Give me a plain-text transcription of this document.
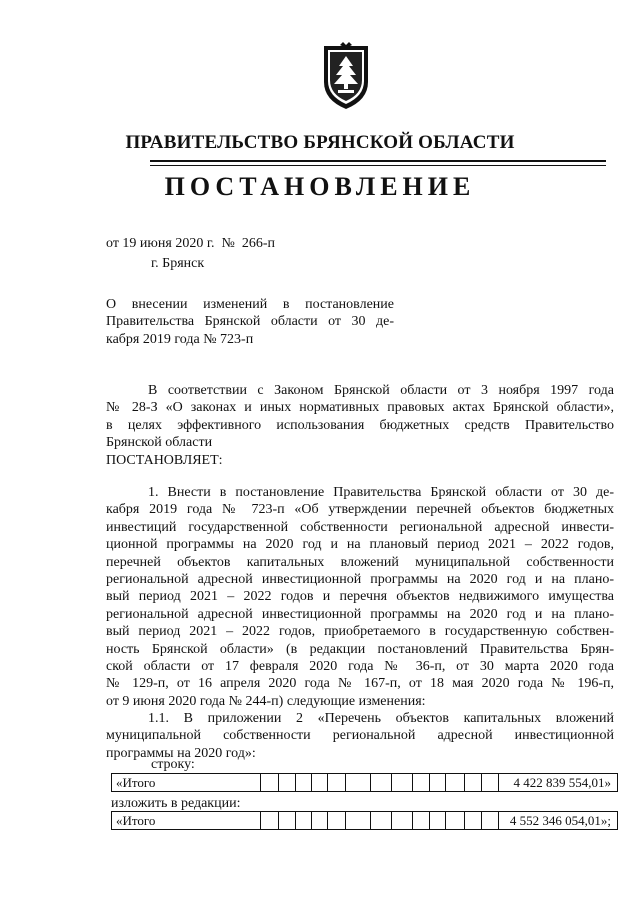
ПРАВИТЕЛЬСТВО БРЯНСКОЙ ОБЛАСТИ
ПОСТАНОВЛЕНИЕ
от 19 июня 2020 г.  №  266-п
г. Брянск
О внесении изменений в постановление
Правительства Брянской области от 30 де-
кабря 2019 года № 723-п
В соответствии с Законом Брянской области от 3 ноября 1997 года
№ 28-З «О законах и иных нормативных правовых актах Брянской области»,
в целях эффективного использования бюджетных средств Правительство
Брянской области
ПОСТАНОВЛЯЕТ:
1. Внести в постановление Правительства Брянской области от 30 де-
кабря 2019 года № 723-п «Об утверждении перечней объектов бюджетных
инвестиций государственной собственности региональной адресной инвести-
ционной программы на 2020 год и на плановый период 2021 – 2022 годов,
перечней объектов капитальных вложений муниципальной собственности
региональной адресной инвестиционной программы на 2020 год и на плано-
вый период 2021 – 2022 годов и перечня объектов недвижимого имущества
региональной адресной инвестиционной программы на 2020 год и на плано-
вый период 2021 – 2022 годов, приобретаемого в государственную собствен-
ность Брянской области» (в редакции постановлений Правительства Брян-
ской области от 17 февраля 2020 года № 36-п, от 30 марта 2020 года
№ 129-п, от 16 апреля 2020 года № 167-п, от 18 мая 2020 года № 196-п,
от 9 июня 2020 года № 244-п) следующие изменения:
1.1. В приложении 2 «Перечень объектов капитальных вложений
муниципальной собственности региональной адресной инвестиционной
программы на 2020 год»:
строку:
«Итого	4 422 839 554,01»
изложить в редакции:
«Итого	4 552 346 054,01»;
